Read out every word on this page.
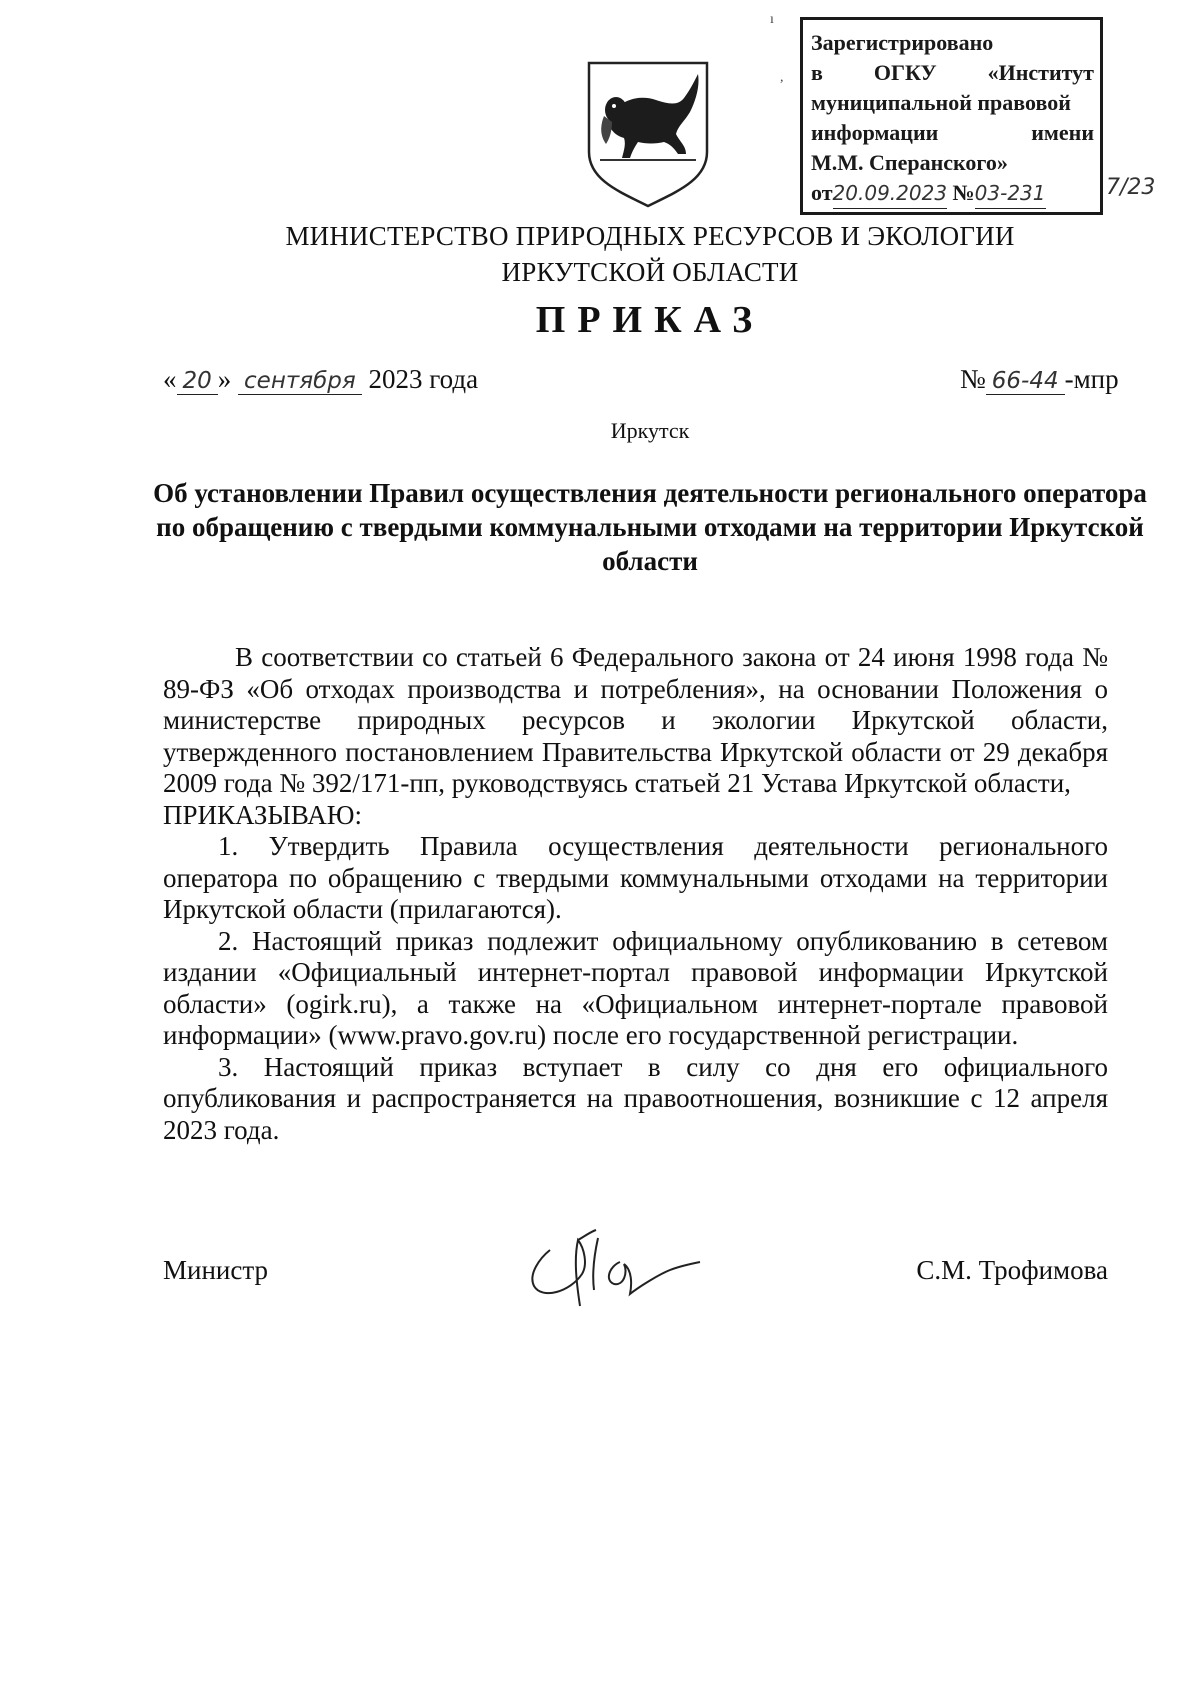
Зарегистрировано
в ОГКУ «Институт
муниципальной правовой
информации имени
М.М. Сперанского»
от20.09.2023 №03-231	7/23
МИНИСТЕРСТВО ПРИРОДНЫХ РЕСУРСОВ И ЭКОЛОГИИ
ИРКУТСКОЙ ОБЛАСТИ
ПРИКАЗ
« 20 » сентября 2023 года	№ 66-44 -мпр
Иркутск
Об установлении Правил осуществления деятельности регионального оператора по обращению с твердыми коммунальными отходами на территории Иркутской области

В соответствии со статьей 6 Федерального закона от 24 июня 1998 года № 89-ФЗ «Об отходах производства и потребления», на основании Положения о министерстве природных ресурсов и экологии Иркутской области, утвержденного постановлением Правительства Иркутской области от 29 декабря 2009 года № 392/171-пп, руководствуясь статьей 21 Устава Иркутской области,

ПРИКАЗЫВАЮ:

1. Утвердить Правила осуществления деятельности регионального оператора по обращению с твердыми коммунальными отходами на территории Иркутской области (прилагаются).

2. Настоящий приказ подлежит официальному опубликованию в сетевом издании «Официальный интернет-портал правовой информации Иркутской области» (ogirk.ru), а также на «Официальном интернет-портале правовой информации» (www.pravo.gov.ru) после его государственной регистрации.

3. Настоящий приказ вступает в силу со дня его официального опубликования и распространяется на правоотношения, возникшие с 12 апреля 2023 года.

Министр	С.М. Трофимова
ı
,
